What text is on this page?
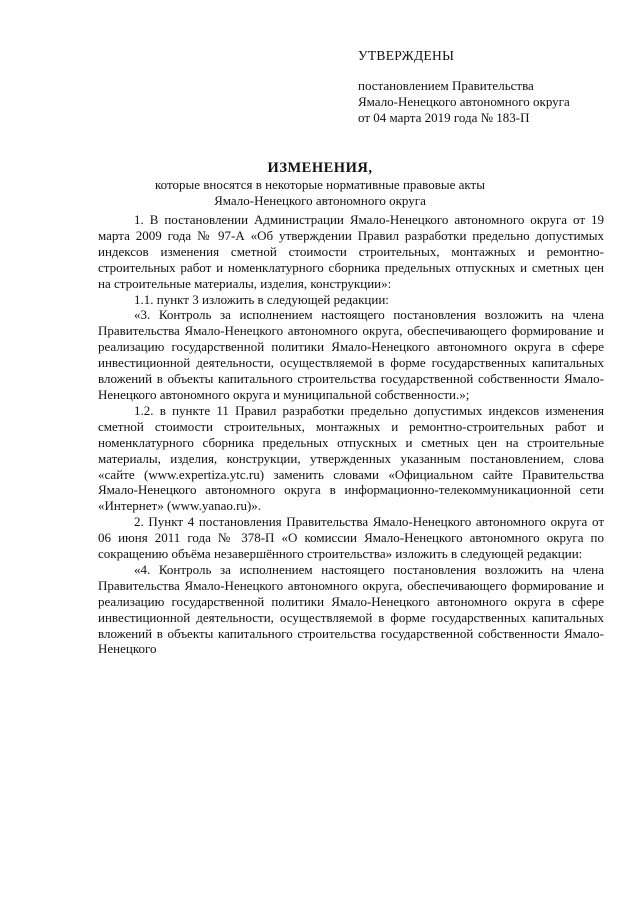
УТВЕРЖДЕНЫ
постановлением Правительства
Ямало-Ненецкого автономного округа
от 04 марта 2019 года № 183-П
ИЗМЕНЕНИЯ,
которые вносятся в некоторые нормативные правовые акты
Ямало-Ненецкого автономного округа

1. В постановлении Администрации Ямало-Ненецкого автономного округа от 19 марта 2009 года № 97-А «Об утверждении Правил разработки предельно допустимых индексов изменения сметной стоимости строительных, монтажных и ремонтно-строительных работ и номенклатурного сборника предельных отпускных и сметных цен на строительные материалы, изделия, конструкции»:

1.1. пункт 3 изложить в следующей редакции:

«3. Контроль за исполнением настоящего постановления возложить на члена Правительства Ямало-Ненецкого автономного округа, обеспечивающего формирование и реализацию государственной политики Ямало-Ненецкого автономного округа в сфере инвестиционной деятельности, осуществляемой в форме государственных капитальных вложений в объекты капитального строительства государственной собственности Ямало-Ненецкого автономного округа и муниципальной собственности.»;

1.2. в пункте 11 Правил разработки предельно допустимых индексов изменения сметной стоимости строительных, монтажных и ремонтно-строительных работ и номенклатурного сборника предельных отпускных и сметных цен на строительные материалы, изделия, конструкции, утвержденных указанным постановлением, слова «сайте (www.expertiza.ytc.ru) заменить словами «Официальном сайте Правительства Ямало-Ненецкого автономного округа в информационно-телекоммуникационной сети «Интернет» (www.yanao.ru)».

2. Пункт 4 постановления Правительства Ямало-Ненецкого автономного округа от 06 июня 2011 года № 378-П «О комиссии Ямало-Ненецкого автономного округа по сокращению объёма незавершённого строительства» изложить в следующей редакции:

«4. Контроль за исполнением настоящего постановления возложить на члена Правительства Ямало-Ненецкого автономного округа, обеспечивающего формирование и реализацию государственной политики Ямало-Ненецкого автономного округа в сфере инвестиционной деятельности, осуществляемой в форме государственных капитальных вложений в объекты капитального строительства государственной собственности Ямало-Ненецкого
